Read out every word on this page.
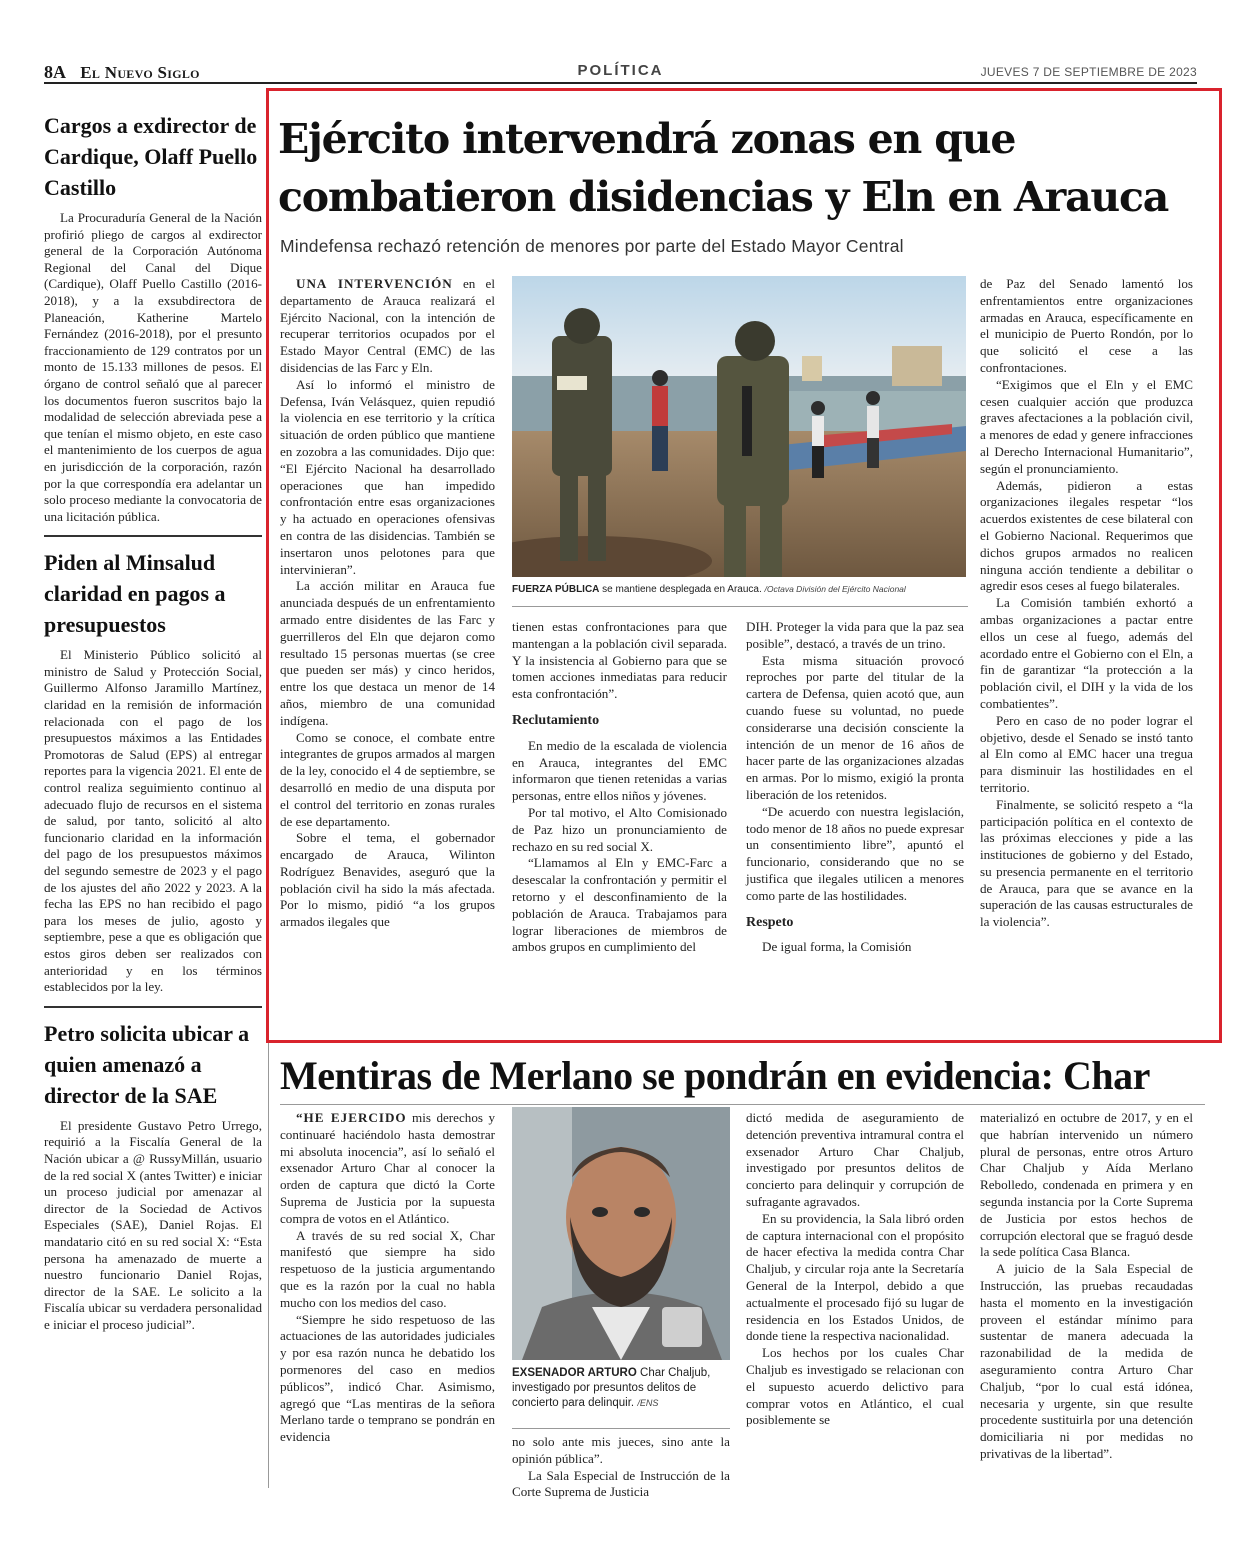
8A El Nuevo Siglo	POLÍTICA	JUEVES 7 DE SEPTIEMBRE DE 2023
Cargos a exdirector de Cardique, Olaff Puello Castillo
La Procuraduría General de la Nación profirió pliego de cargos al exdirector general de la Corporación Autónoma Regional del Canal del Dique (Cardique), Olaff Puello Castillo (2016-2018), y a la exsubdirectora de Planeación, Katherine Martelo Fernández (2016-2018), por el presunto fraccionamiento de 129 contratos por un monto de 15.133 millones de pesos. El órgano de control señaló que al parecer los documentos fueron suscritos bajo la modalidad de selección abreviada pese a que tenían el mismo objeto, en este caso el mantenimiento de los cuerpos de agua en jurisdicción de la corporación, razón por la que correspondía era adelantar un solo proceso mediante la convocatoria de una licitación pública.
Piden al Minsalud claridad en pagos a presupuestos
El Ministerio Público solicitó al ministro de Salud y Protección Social, Guillermo Alfonso Jaramillo Martínez, claridad en la remisión de información relacionada con el pago de los presupuestos máximos a las Entidades Promotoras de Salud (EPS) al entregar reportes para la vigencia 2021. El ente de control realiza seguimiento continuo al adecuado flujo de recursos en el sistema de salud, por tanto, solicitó al alto funcionario claridad en la información del pago de los presupuestos máximos del segundo semestre de 2023 y el pago de los ajustes del año 2022 y 2023. A la fecha las EPS no han recibido el pago para los meses de julio, agosto y septiembre, pese a que es obligación que estos giros deben ser realizados con anterioridad y en los términos establecidos por la ley.
Petro solicita ubicar a quien amenazó a director de la SAE
El presidente Gustavo Petro Urrego, requirió a la Fiscalía General de la Nación ubicar a @ RussyMillán, usuario de la red social X (antes Twitter) e iniciar un proceso judicial por amenazar al director de la Sociedad de Activos Especiales (SAE), Daniel Rojas. El mandatario citó en su red social X: “Esta persona ha amenazado de muerte a nuestro funcionario Daniel Rojas, director de la SAE. Le solicito a la Fiscalía ubicar su verdadera personalidad e iniciar el proceso judicial”.
Ejército intervendrá zonas en que combatieron disidencias y Eln en Arauca
Mindefensa rechazó retención de menores por parte del Estado Mayor Central

UNA INTERVENCIÓN en el departamento de Arauca realizará el Ejército Nacional, con la intención de recuperar territorios ocupados por el Estado Mayor Central (EMC) de las disidencias de las Farc y Eln.

Así lo informó el ministro de Defensa, Iván Velásquez, quien repudió la violencia en ese territorio y la crítica situación de orden público que mantiene en zozobra a las comunidades. Dijo que: “El Ejército Nacional ha desarrollado operaciones que han impedido confrontación entre esas organizaciones y ha actuado en operaciones ofensivas en contra de las disidencias. También se insertaron unos pelotones para que intervinieran”.

La acción militar en Arauca fue anunciada después de un enfrentamiento armado entre disidentes de las Farc y guerrilleros del Eln que dejaron como resultado 15 personas muertas (se cree que pueden ser más) y cinco heridos, entre los que destaca un menor de 14 años, miembro de una comunidad indígena.

Como se conoce, el combate entre integrantes de grupos armados al margen de la ley, conocido el 4 de septiembre, se desarrolló en medio de una disputa por el control del territorio en zonas rurales de ese departamento.

Sobre el tema, el gobernador encargado de Arauca, Wilinton Rodríguez Benavides, aseguró que la población civil ha sido la más afectada. Por lo mismo, pidió “a los grupos armados ilegales que

tienen estas confrontaciones para que mantengan a la población civil separada. Y la insistencia al Gobierno para que se tomen acciones inmediatas para reducir esta confrontación”.

Reclutamiento

En medio de la escalada de violencia en Arauca, integrantes del EMC informaron que tienen retenidas a varias personas, entre ellos niños y jóvenes.

Por tal motivo, el Alto Comisionado de Paz hizo un pronunciamiento de rechazo en su red social X.

“Llamamos al Eln y EMC-Farc a desescalar la confrontación y permitir el retorno y el desconfinamiento de la población de Arauca. Trabajamos para lograr liberaciones de miembros de ambos grupos en cumplimiento del

DIH. Proteger la vida para que la paz sea posible”, destacó, a través de un trino.

Esta misma situación provocó reproches por parte del titular de la cartera de Defensa, quien acotó que, aun cuando fuese su voluntad, no puede considerarse una decisión consciente la intención de un menor de 16 años de hacer parte de las organizaciones alzadas en armas. Por lo mismo, exigió la pronta liberación de los retenidos.

“De acuerdo con nuestra legislación, todo menor de 18 años no puede expresar un consentimiento libre”, apuntó el funcionario, considerando que no se justifica que ilegales utilicen a menores como parte de las hostilidades.

Respeto

De igual forma, la Comisión

de Paz del Senado lamentó los enfrentamientos entre organizaciones armadas en Arauca, específicamente en el municipio de Puerto Rondón, por lo que solicitó el cese a las confrontaciones.

“Exigimos que el Eln y el EMC cesen cualquier acción que produzca graves afectaciones a la población civil, a menores de edad y genere infracciones al Derecho Internacional Humanitario”, según el pronunciamiento.

Además, pidieron a estas organizaciones ilegales respetar “los acuerdos existentes de cese bilateral con el Gobierno Nacional. Requerimos que dichos grupos armados no realicen ninguna acción tendiente a debilitar o agredir esos ceses al fuego bilaterales.

La Comisión también exhortó a ambas organizaciones a pactar entre ellos un cese al fuego, además del acordado entre el Gobierno con el Eln, a fin de garantizar “la protección a la población civil, el DIH y la vida de los combatientes”.

Pero en caso de no poder lograr el objetivo, desde el Senado se instó tanto al Eln como al EMC hacer una tregua para disminuir las hostilidades en el territorio.

Finalmente, se solicitó respeto a “la participación política en el contexto de las próximas elecciones y pide a las instituciones de gobierno y del Estado, su presencia permanente en el territorio de Arauca, para que se avance en la superación de las causas estructurales de la violencia”.

FUERZA PÚBLICA se mantiene desplegada en Arauca. /Octava División del Ejército Nacional
Mentiras de Merlano se pondrán en evidencia: Char

“HE EJERCIDO mis derechos y continuaré haciéndolo hasta demostrar mi absoluta inocencia”, así lo señaló el exsenador Arturo Char al conocer la orden de captura que dictó la Corte Suprema de Justicia por la supuesta compra de votos en el Atlántico.

A través de su red social X, Char manifestó que siempre ha sido respetuoso de la justicia argumentando que es la razón por la cual no habla mucho con los medios del caso.

“Siempre he sido respetuoso de las actuaciones de las autoridades judiciales y por esa razón nunca he debatido los pormenores del caso en medios públicos”, indicó Char. Asimismo, agregó que “Las mentiras de la señora Merlano tarde o temprano se pondrán en evidencia	no solo ante mis jueces, sino ante la opinión pública”.

La Sala Especial de Instrucción de la Corte Suprema de Justicia

dictó medida de aseguramiento de detención preventiva intramural contra el exsenador Arturo Char Chaljub, investigado por presuntos delitos de concierto para delinquir y corrupción de sufragante agravados.

En su providencia, la Sala libró orden de captura internacional con el propósito de hacer efectiva la medida contra Char Chaljub, y circular roja ante la Secretaría General de la Interpol, debido a que actualmente el procesado fijó su lugar de residencia en los Estados Unidos, de donde tiene la respectiva nacionalidad.

Los hechos por los cuales Char Chaljub es investigado se relacionan con el supuesto acuerdo delictivo para comprar votos en Atlántico, el cual posiblemente se

materializó en octubre de 2017, y en el que habrían intervenido un número plural de personas, entre otros Arturo Char Chaljub y Aída Merlano Rebolledo, condenada en primera y en segunda instancia por la Corte Suprema de Justicia por estos hechos de corrupción electoral que se fraguó desde la sede política Casa Blanca.

A juicio de la Sala Especial de Instrucción, las pruebas recaudadas hasta el momento en la investigación proveen el estándar mínimo para sustentar de manera adecuada la razonabilidad de la medida de aseguramiento contra Arturo Char Chaljub, “por lo cual está idónea, necesaria y urgente, sin que resulte procedente sustituirla por una detención domiciliaria ni por medidas no privativas de la libertad”.

EXSENADOR ARTURO Char Chaljub, investigado por presuntos delitos de concierto para delinquir. /ENS
